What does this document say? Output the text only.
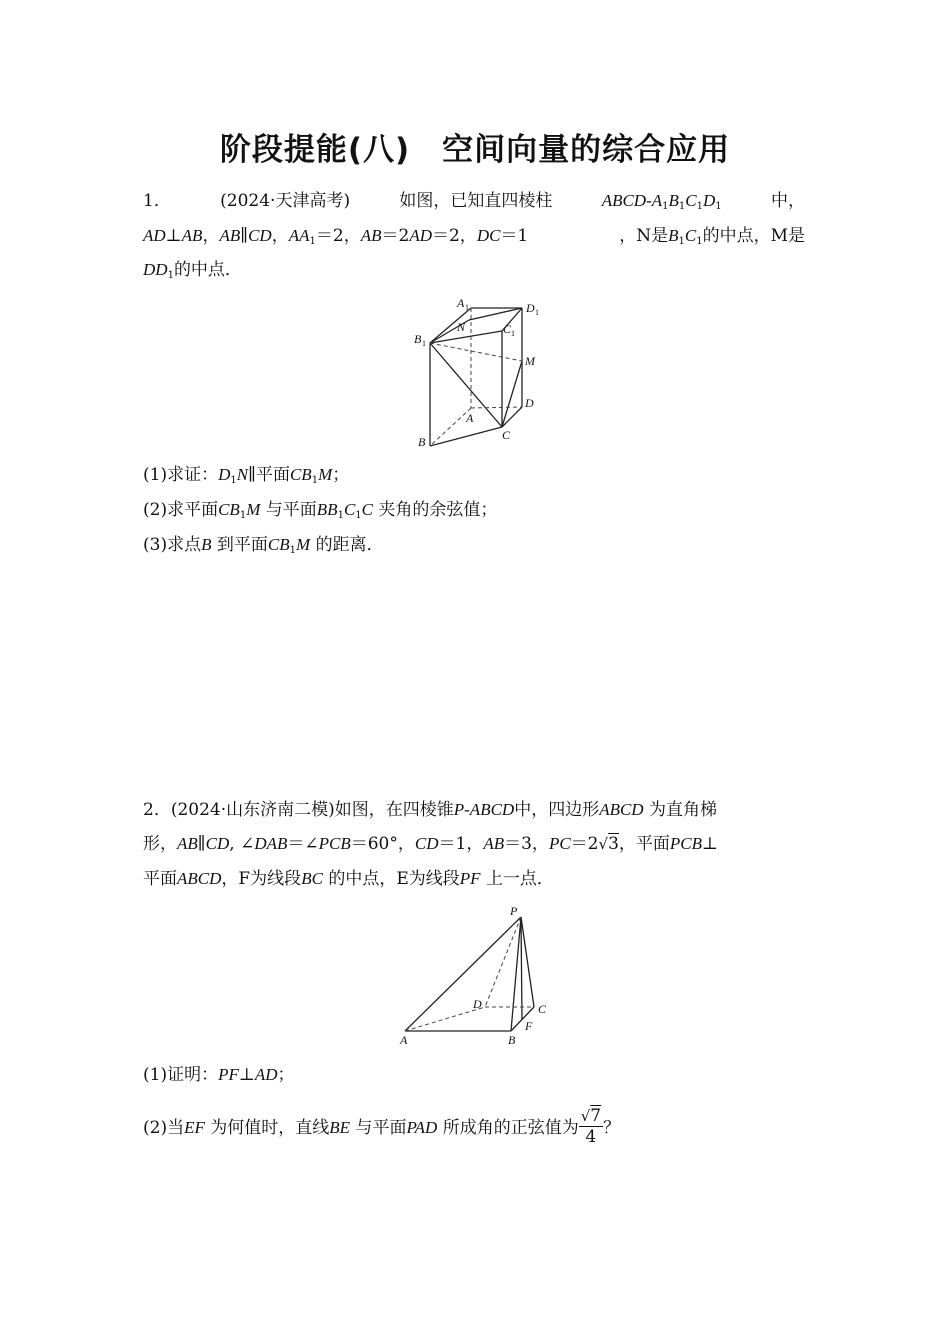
阶段提能(八)　空间向量的综合应用
1．	(2024·天津高考)	如图，已知直四棱柱	ABCD-$A_1B_1C_1D_1$	中，
AD⊥AB，AB∥CD，$AA_1=2$，AB＝2AD＝2，DC＝1	，N是$B_1C_1$的中点，M是
$DD_1$的中点．
A 1	D 1
N	C 1
B 1
M
D
A
B	C
(1)求证：$D_1N\parallel$平面$CB_1M$；
(2)求平面$CB_1M$ 与平面$BB_1C_1C$ 夹角的余弦值；
(3)求点B 到平面$CB_1M$ 的距离．
2．(2024·山东济南二模)如图，在四棱锥P-ABCD中，四边形ABCD 为直角梯
形，AB∥CD, ∠DAB＝∠PCB＝60°，CD＝1，AB＝3，PC＝2√3，平面PCB⊥
平面ABCD，F为线段BC 的中点，E为线段PF 上一点．
P
D	C
F
A	B
(1)证明：PF⊥AD；
(2)当EF 为何值时，直线BE 与平面PAD 所成角的正弦值为 $\frac{√7}{4}$ ？
